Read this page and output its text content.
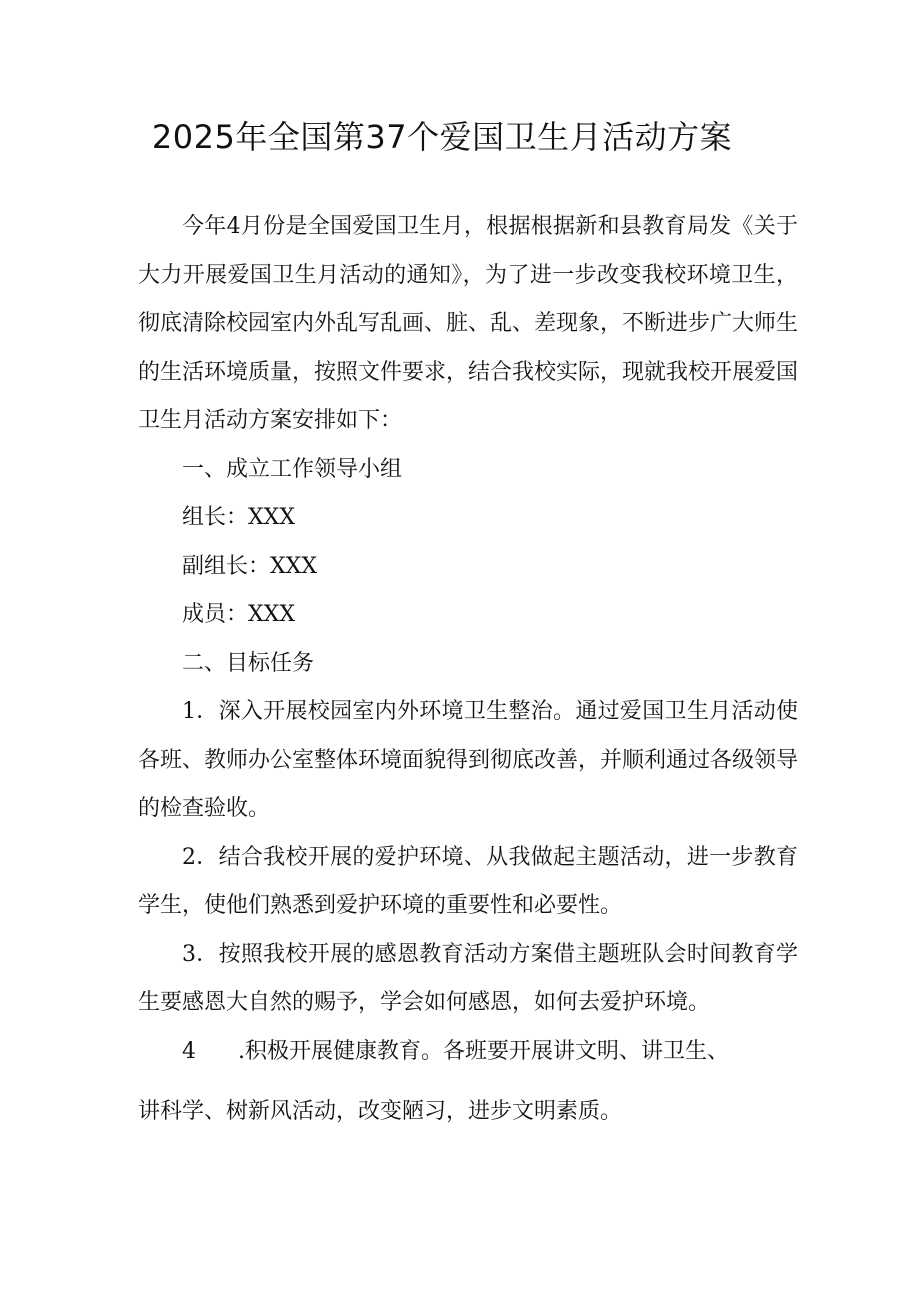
2025年全国第37个爱国卫生月活动方案

今年4月份是全国爱国卫生月，根据根据新和县教育局发《关于大力开展爱国卫生月活动的通知》，为了进一步改变我校环境卫生，彻底清除校园室内外乱写乱画、脏、乱、差现象，不断进步广大师生的生活环境质量，按照文件要求，结合我校实际，现就我校开展爱国卫生月活动方案安排如下：

一、成立工作领导小组

组长：XXX

副组长：XXX

成员：XXX

二、目标任务

1．深入开展校园室内外环境卫生整治。通过爱国卫生月活动使各班、教师办公室整体环境面貌得到彻底改善，并顺利通过各级领导的检查验收。

2．结合我校开展的爱护环境、从我做起主题活动，进一步教育学生，使他们熟悉到爱护环境的重要性和必要性。

3．按照我校开展的感恩教育活动方案借主题班队会时间教育学生要感恩大自然的赐予，学会如何感恩，如何去爱护环境。

4 .积极开展健康教育。各班要开展讲文明、讲卫生、

讲科学、树新风活动，改变陋习，进步文明素质。
